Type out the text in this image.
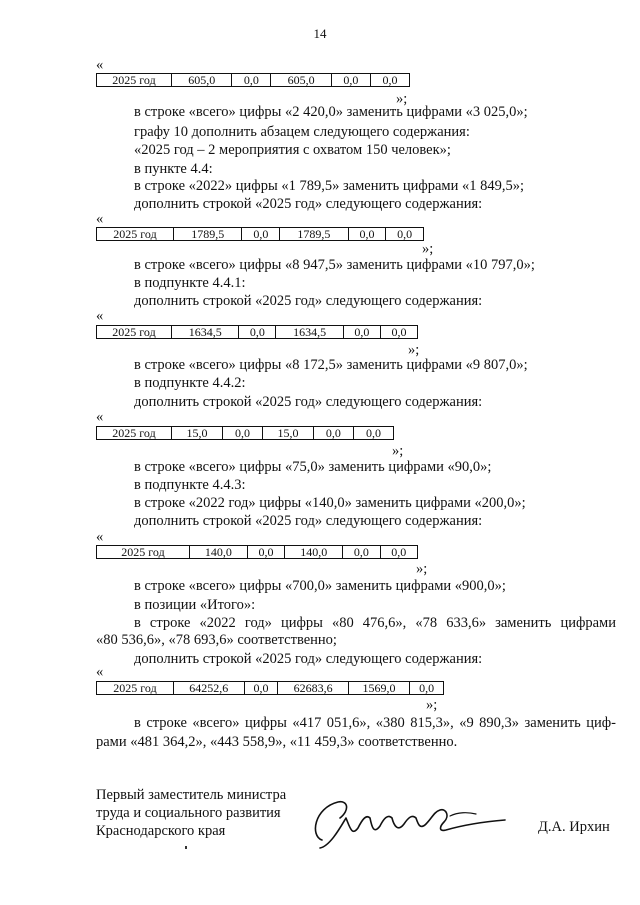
14
«
2025 год	605,0	0,0	605,0	0,0	0,0
»;
в строке «всего» цифры «2 420,0» заменить цифрами «3 025,0»;
графу 10 дополнить абзацем следующего содержания:
«2025 год – 2 мероприятия с охватом 150 человек»;
в пункте 4.4:
в строке «2022» цифры «1 789,5» заменить цифрами «1 849,5»;
дополнить строкой «2025 год» следующего содержания:
«
2025 год	1789,5	0,0	1789,5	0,0	0,0
»;
в строке «всего» цифры «8 947,5» заменить цифрами «10 797,0»;
в подпункте 4.4.1:
дополнить строкой «2025 год» следующего содержания:
«
2025 год	1634,5	0,0	1634,5	0,0	0,0
»;
в строке «всего» цифры «8 172,5» заменить цифрами «9 807,0»;
в подпункте 4.4.2:
дополнить строкой «2025 год» следующего содержания:
«
2025 год	15,0	0,0	15,0	0,0	0,0
»;
в строке «всего» цифры «75,0» заменить цифрами «90,0»;
в подпункте 4.4.3:
в строке «2022 год» цифры «140,0» заменить цифрами «200,0»;
дополнить строкой «2025 год» следующего содержания:
«
2025 год	140,0	0,0	140,0	0,0	0,0
»;
в строке «всего» цифры «700,0» заменить цифрами «900,0»;
в позиции «Итого»:
в строке «2022 год» цифры «80 476,6», «78 633,6» заменить цифрами
«80 536,6», «78 693,6» соответственно;
дополнить строкой «2025 год» следующего содержания:
«
2025 год	64252,6	0,0	62683,6	1569,0	0,0
»;
в строке «всего» цифры «417 051,6», «380 815,3», «9 890,3» заменить циф-
рами «481 364,2», «443 558,9», «11 459,3» соответственно.
Первый заместитель министра
труда и социального развития
Краснодарского края	Д.А. Ирхин
